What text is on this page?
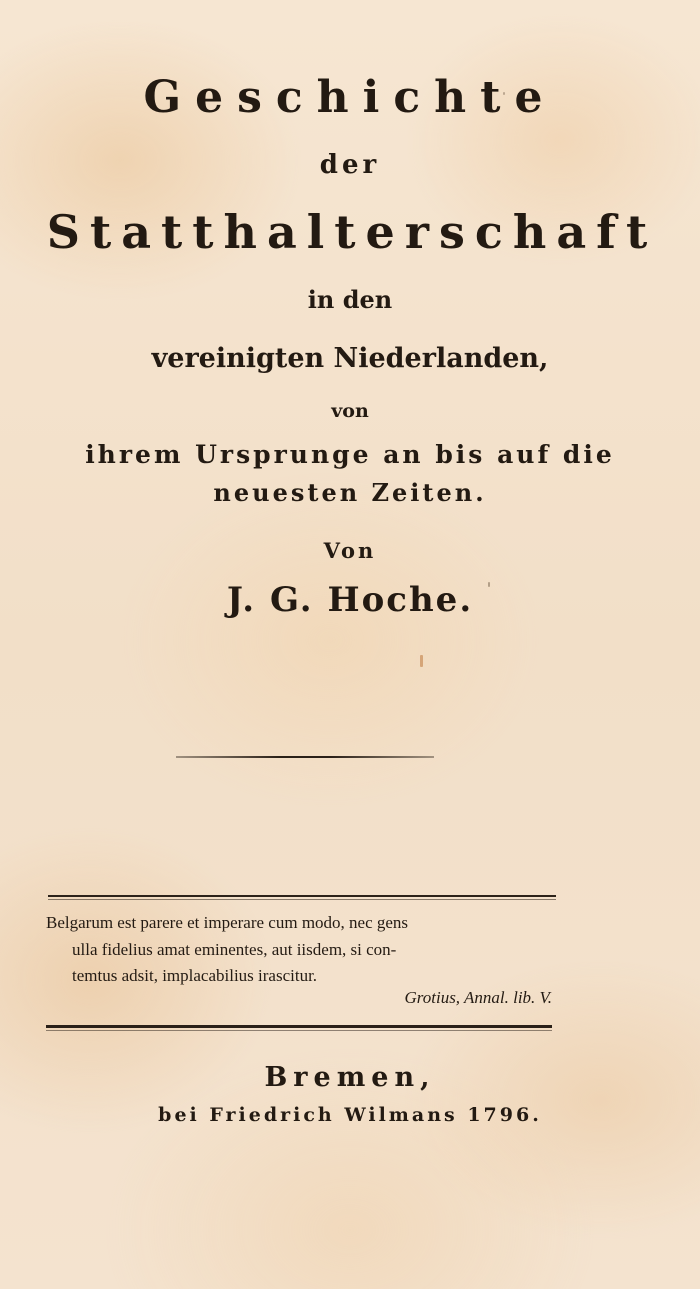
Geschichte
der
Statthalterschaft
in den
vereinigten Niederlanden,
von
ihrem Ursprunge an bis auf die
neuesten Zeiten.
Von
J. G. Hoche.
Belgarum est parere et imperare cum modo, nec gens
ulla fidelius amat eminentes, aut iisdem, si con-
temtus adsit, implacabilius irascitur.
Grotius, Annal. lib. V.
Bremen,
bei Friedrich Wilmans 1796.
